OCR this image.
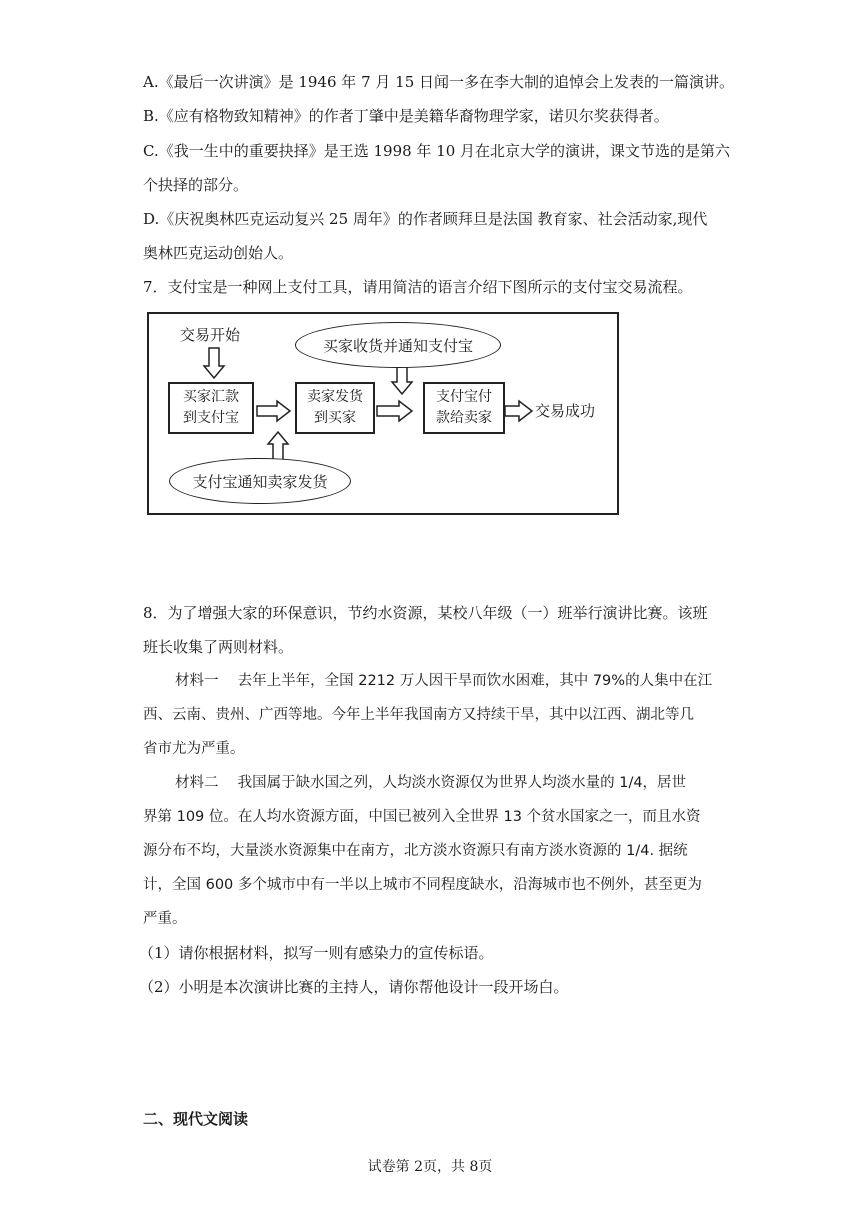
A.《最后一次讲演》是 1946 年 7 月 15 日闻一多在李大制的追悼会上发表的一篇演讲。
B.《应有格物致知精神》的作者丁肇中是美籍华裔物理学家，诺贝尔奖获得者。
C.《我一生中的重要抉择》是王选 1998 年 10 月在北京大学的演讲，课文节选的是第六
个抉择的部分。
D.《庆祝奥林匹克运动复兴 25 周年》的作者顾拜旦是法国 教育家、社会活动家,现代
奥林匹克运动创始人。
7．支付宝是一种网上支付工具，请用简洁的语言介绍下图所示的支付宝交易流程。
交易开始
买家汇款
到支付宝
卖家发货
到买家
支付宝付
款给卖家	交易成功
买家收货并通知支付宝
支付宝通知卖家发货
8．为了增强大家的环保意识，节约水资源，某校八年级（一）班举行演讲比赛。该班
班长收集了两则材料。
材料一　 去年上半年，全国 2212 万人因干旱而饮水困难，其中 79%的人集中在江
西、云南、贵州、广西等地。今年上半年我国南方又持续干旱，其中以江西、湖北等几
省市尤为严重。
材料二　 我国属于缺水国之列，人均淡水资源仅为世界人均淡水量的 1/4，居世
界第 109 位。在人均水资源方面，中国已被列入全世界 13 个贫水国家之一，而且水资
源分布不均，大量淡水资源集中在南方，北方淡水资源只有南方淡水资源的 1/4. 据统
计，全国 600 多个城市中有一半以上城市不同程度缺水，沿海城市也不例外，甚至更为
严重。
（1）请你根据材料，拟写一则有感染力的宣传标语。
（2）小明是本次演讲比赛的主持人，请你帮他设计一段开场白。
二、现代文阅读
试卷第 2页，共 8页
